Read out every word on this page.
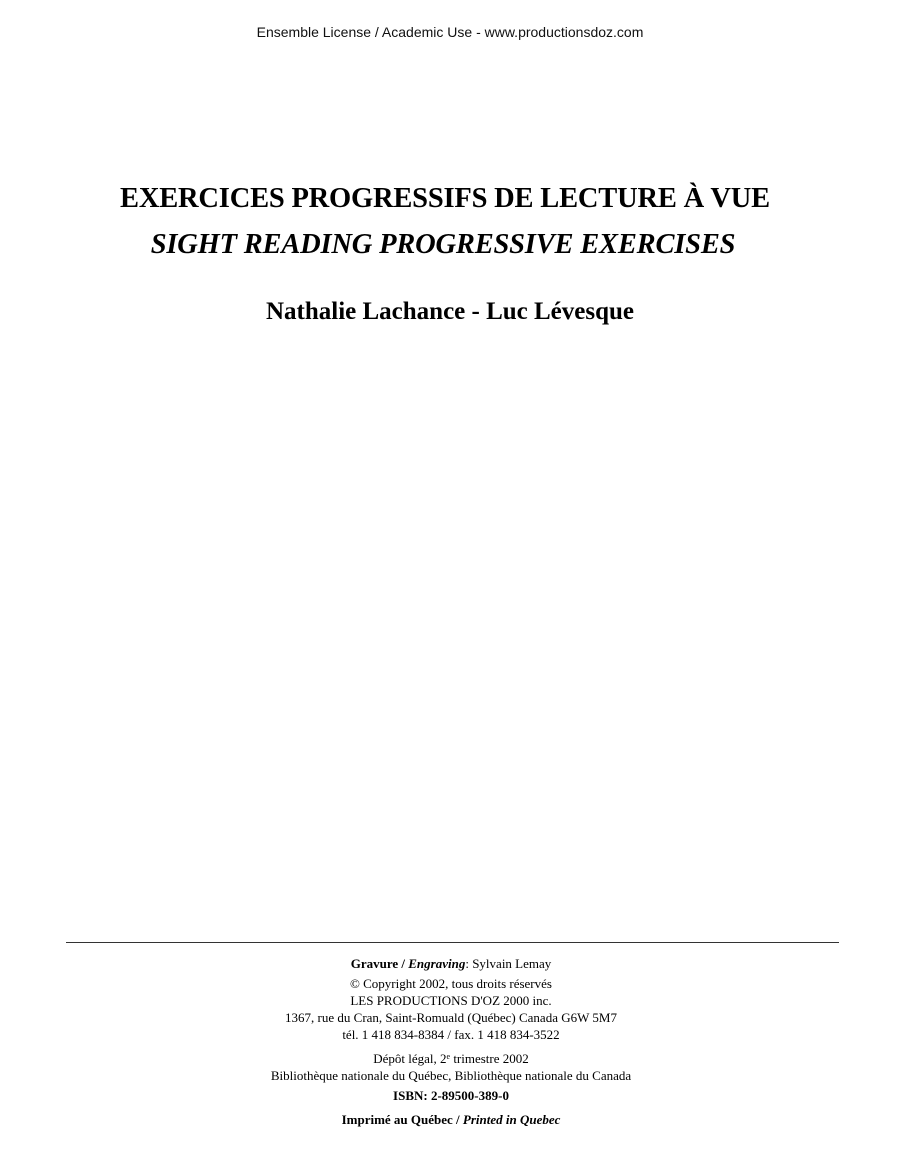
Ensemble License / Academic Use - www.productionsdoz.com
EXERCICES PROGRESSIFS DE LECTURE À VUE
SIGHT READING PROGRESSIVE EXERCISES
Nathalie Lachance - Luc Lévesque
Gravure / Engraving: Sylvain Lemay
© Copyright 2002, tous droits réservés
LES PRODUCTIONS D'OZ 2000 inc.
1367, rue du Cran, Saint-Romuald (Québec) Canada G6W 5M7
tél. 1 418 834-8384 / fax. 1 418 834-3522
Dépôt légal, 2e trimestre 2002
Bibliothèque nationale du Québec, Bibliothèque nationale du Canada
ISBN: 2-89500-389-0
Imprimé au Québec / Printed in Quebec
